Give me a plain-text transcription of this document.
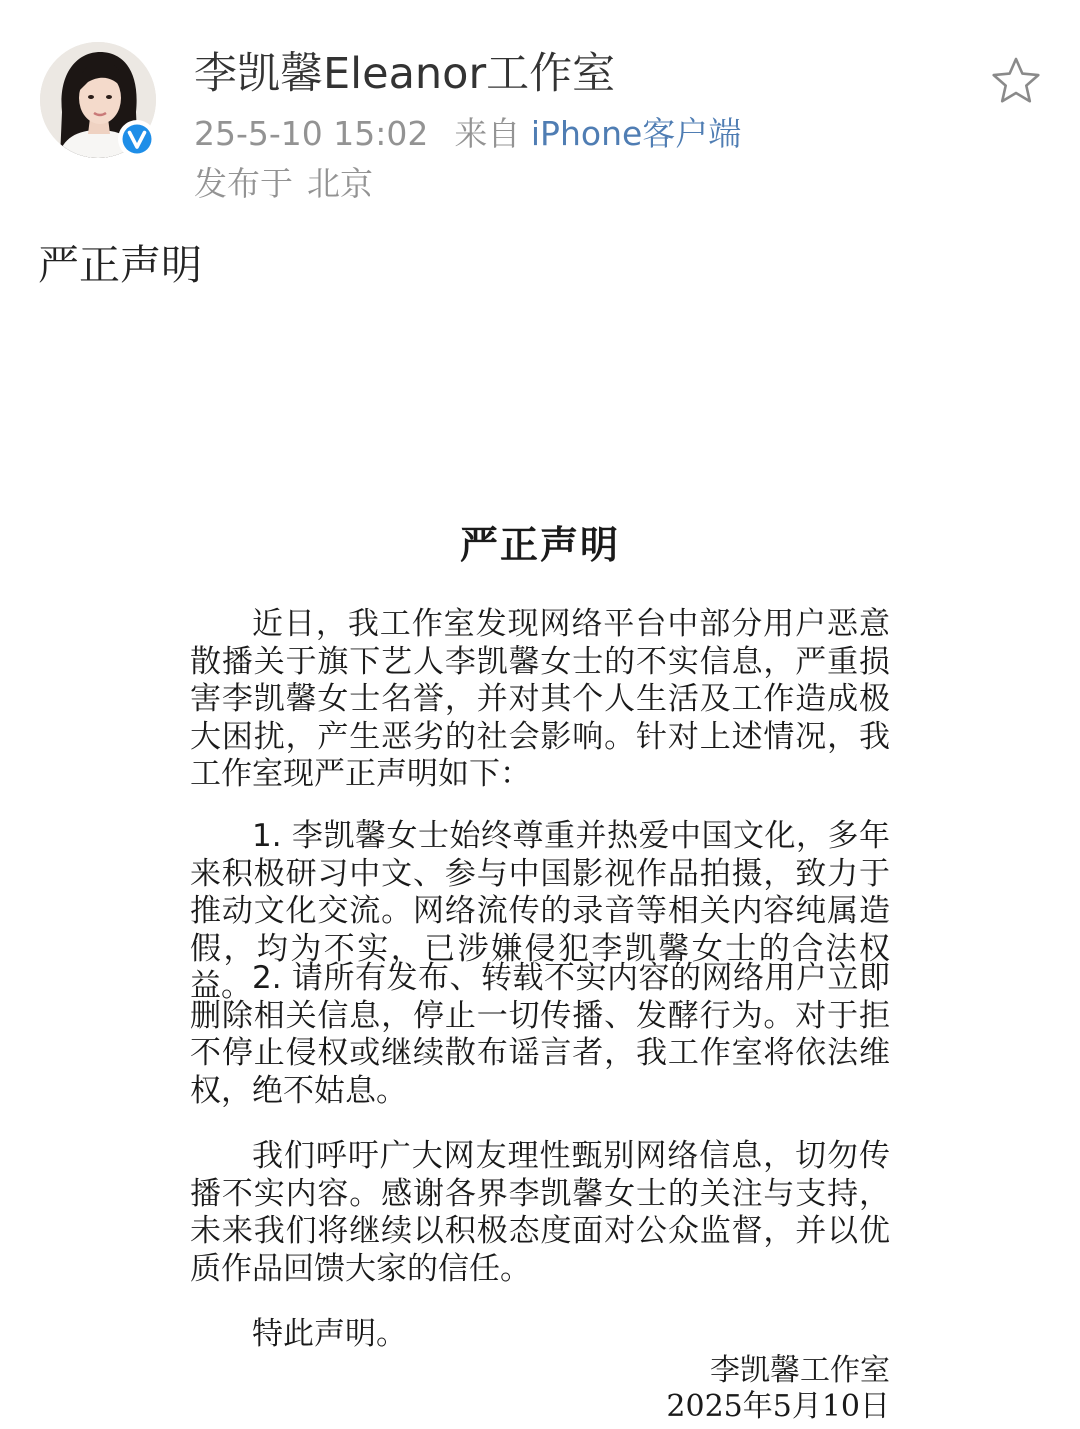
李凯馨Eleanor工作室
25-5-10 15:02 来自 iPhone客户端
发布于 北京
严正声明
严正声明
近日，我工作室发现网络平台中部分用户恶意散播关于旗下艺人李凯馨女士的不实信息，严重损害李凯馨女士名誉，并对其个人生活及工作造成极大困扰，产生恶劣的社会影响。针对上述情况，我工作室现严正声明如下：
1. 李凯馨女士始终尊重并热爱中国文化，多年来积极研习中文、参与中国影视作品拍摄，致力于推动文化交流。网络流传的录音等相关内容纯属造假，均为不实，已涉嫌侵犯李凯馨女士的合法权益。 2. 请所有发布、转载不实内容的网络用户立即删除相关信息，停止一切传播、发酵行为。对于拒不停止侵权或继续散布谣言者，我工作室将依法维权，绝不姑息。
我们呼吁广大网友理性甄别网络信息，切勿传播不实内容。感谢各界李凯馨女士的关注与支持，未来我们将继续以积极态度面对公众监督，并以优质作品回馈大家的信任。
特此声明。
李凯馨工作室
2025年5月10日
